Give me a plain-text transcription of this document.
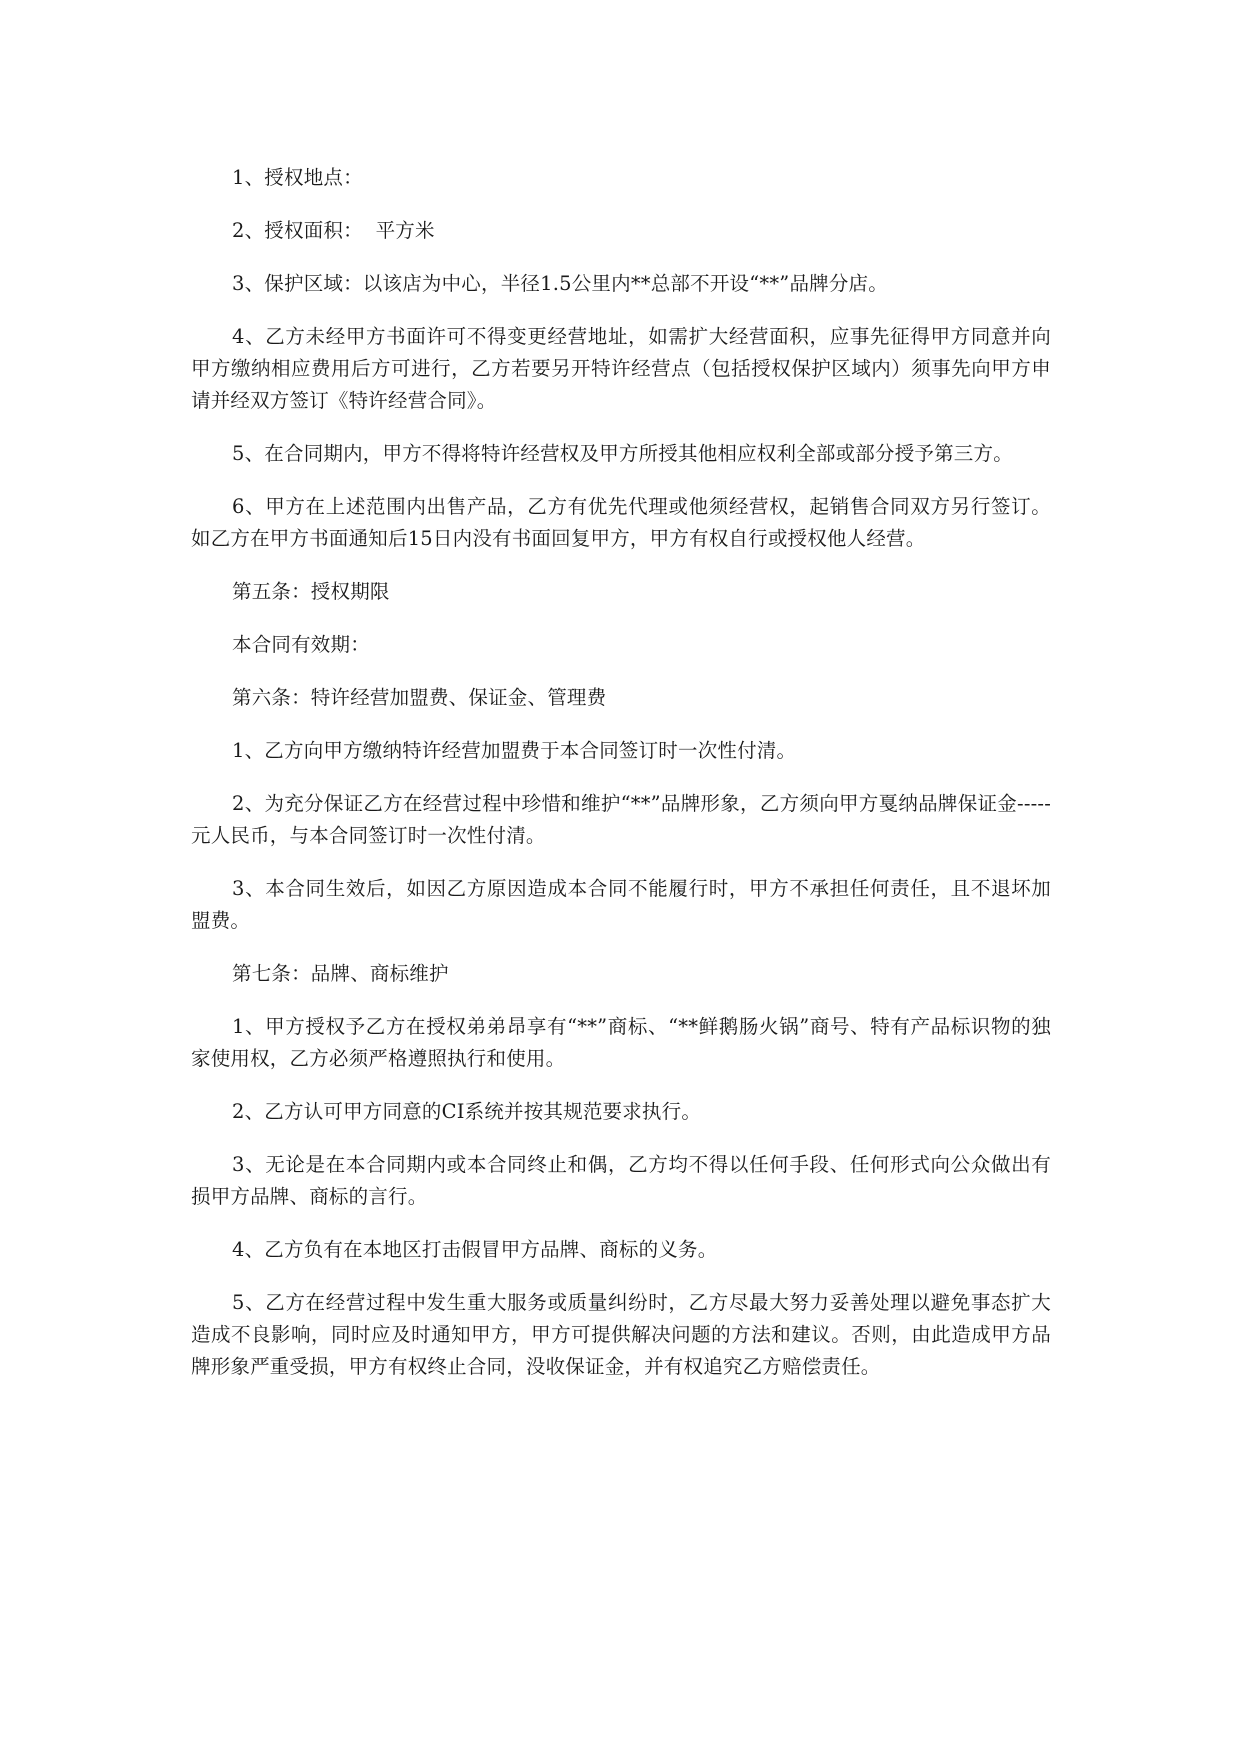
1、授权地点：

2、授权面积：  平方米

3、保护区域：以该店为中心，半径1.5公里内**总部不开设“**”品牌分店。

4、乙方未经甲方书面许可不得变更经营地址，如需扩大经营面积，应事先征得甲方同意并向甲方缴纳相应费用后方可进行，乙方若要另开特许经营点（包括授权保护区域内）须事先向甲方申请并经双方签订《特许经营合同》。

5、在合同期内，甲方不得将特许经营权及甲方所授其他相应权利全部或部分授予第三方。

6、甲方在上述范围内出售产品，乙方有优先代理或他须经营权，起销售合同双方另行签订。如乙方在甲方书面通知后15日内没有书面回复甲方，甲方有权自行或授权他人经营。

第五条：授权期限

本合同有效期：

第六条：特许经营加盟费、保证金、管理费

1、乙方向甲方缴纳特许经营加盟费于本合同签订时一次性付清。

2、为充分保证乙方在经营过程中珍惜和维护“**”品牌形象，乙方须向甲方戛纳品牌保证金-----元人民币，与本合同签订时一次性付清。

3、本合同生效后，如因乙方原因造成本合同不能履行时，甲方不承担任何责任，且不退坏加盟费。

第七条：品牌、商标维护

1、甲方授权予乙方在授权弟弟昂享有“**”商标、“**鲜鹅肠火锅”商号、特有产品标识物的独家使用权，乙方必须严格遵照执行和使用。

2、乙方认可甲方同意的CI系统并按其规范要求执行。

3、无论是在本合同期内或本合同终止和偶，乙方均不得以任何手段、任何形式向公众做出有损甲方品牌、商标的言行。

4、乙方负有在本地区打击假冒甲方品牌、商标的义务。

5、乙方在经营过程中发生重大服务或质量纠纷时，乙方尽最大努力妥善处理以避免事态扩大造成不良影响，同时应及时通知甲方，甲方可提供解决问题的方法和建议。否则，由此造成甲方品牌形象严重受损，甲方有权终止合同，没收保证金，并有权追究乙方赔偿责任。
